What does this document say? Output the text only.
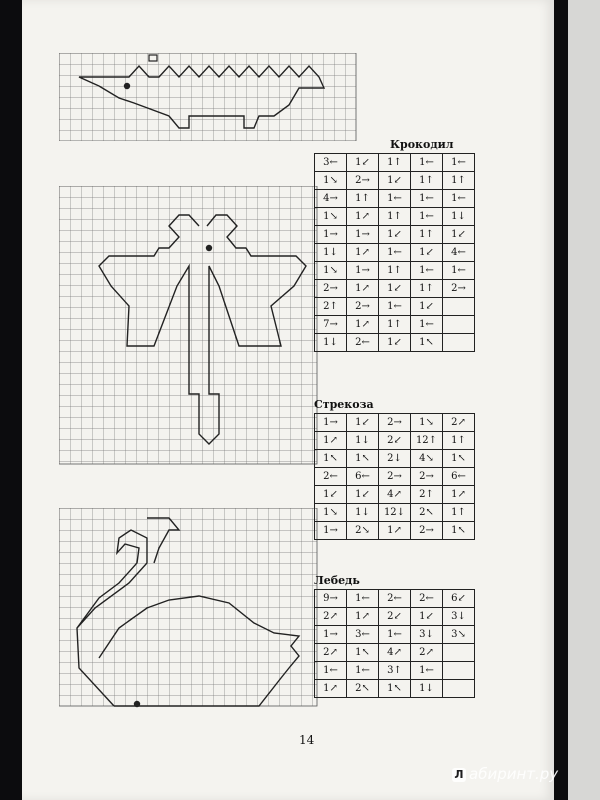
Крокодил
3←	1↙	1↑	1←	1←
1↘	2→	1↙	1↑	1↑
4→	1↑	1←	1←	1←
1↘	1↗	1↑	1←	1↓
1→	1→	1↙	1↑	1↙
1↓	1↗	1←	1↙	4←
1↘	1→	1↑	1←	1←
2→	1↗	1↙	1↑	2→
2↑	2→	1←	1↙	
7→	1↗	1↑	1←	
1↓	2←	1↙	1↖	
Стрекоза
1→	1↙	2→	1↘	2↗
1↗	1↓	2↙	12↑	1↑
1↖	1↖	2↓	4↘	1↖
2←	6←	2→	2→	6←
1↙	1↙	4↗	2↑	1↗
1↘	1↓	12↓	2↖	1↑
1→	2↘	1↗	2→	1↖
Лебедь
9→	1←	2←	2←	6↙
2↗	1↗	2↙	1↙	3↓
1→	3←	1←	3↓	3↘
2↗	1↖	4↗	2↗	
1←	1←	3↑	1←	
1↗	2↖	1↖	1↓	
14
Л абиринт.ру
